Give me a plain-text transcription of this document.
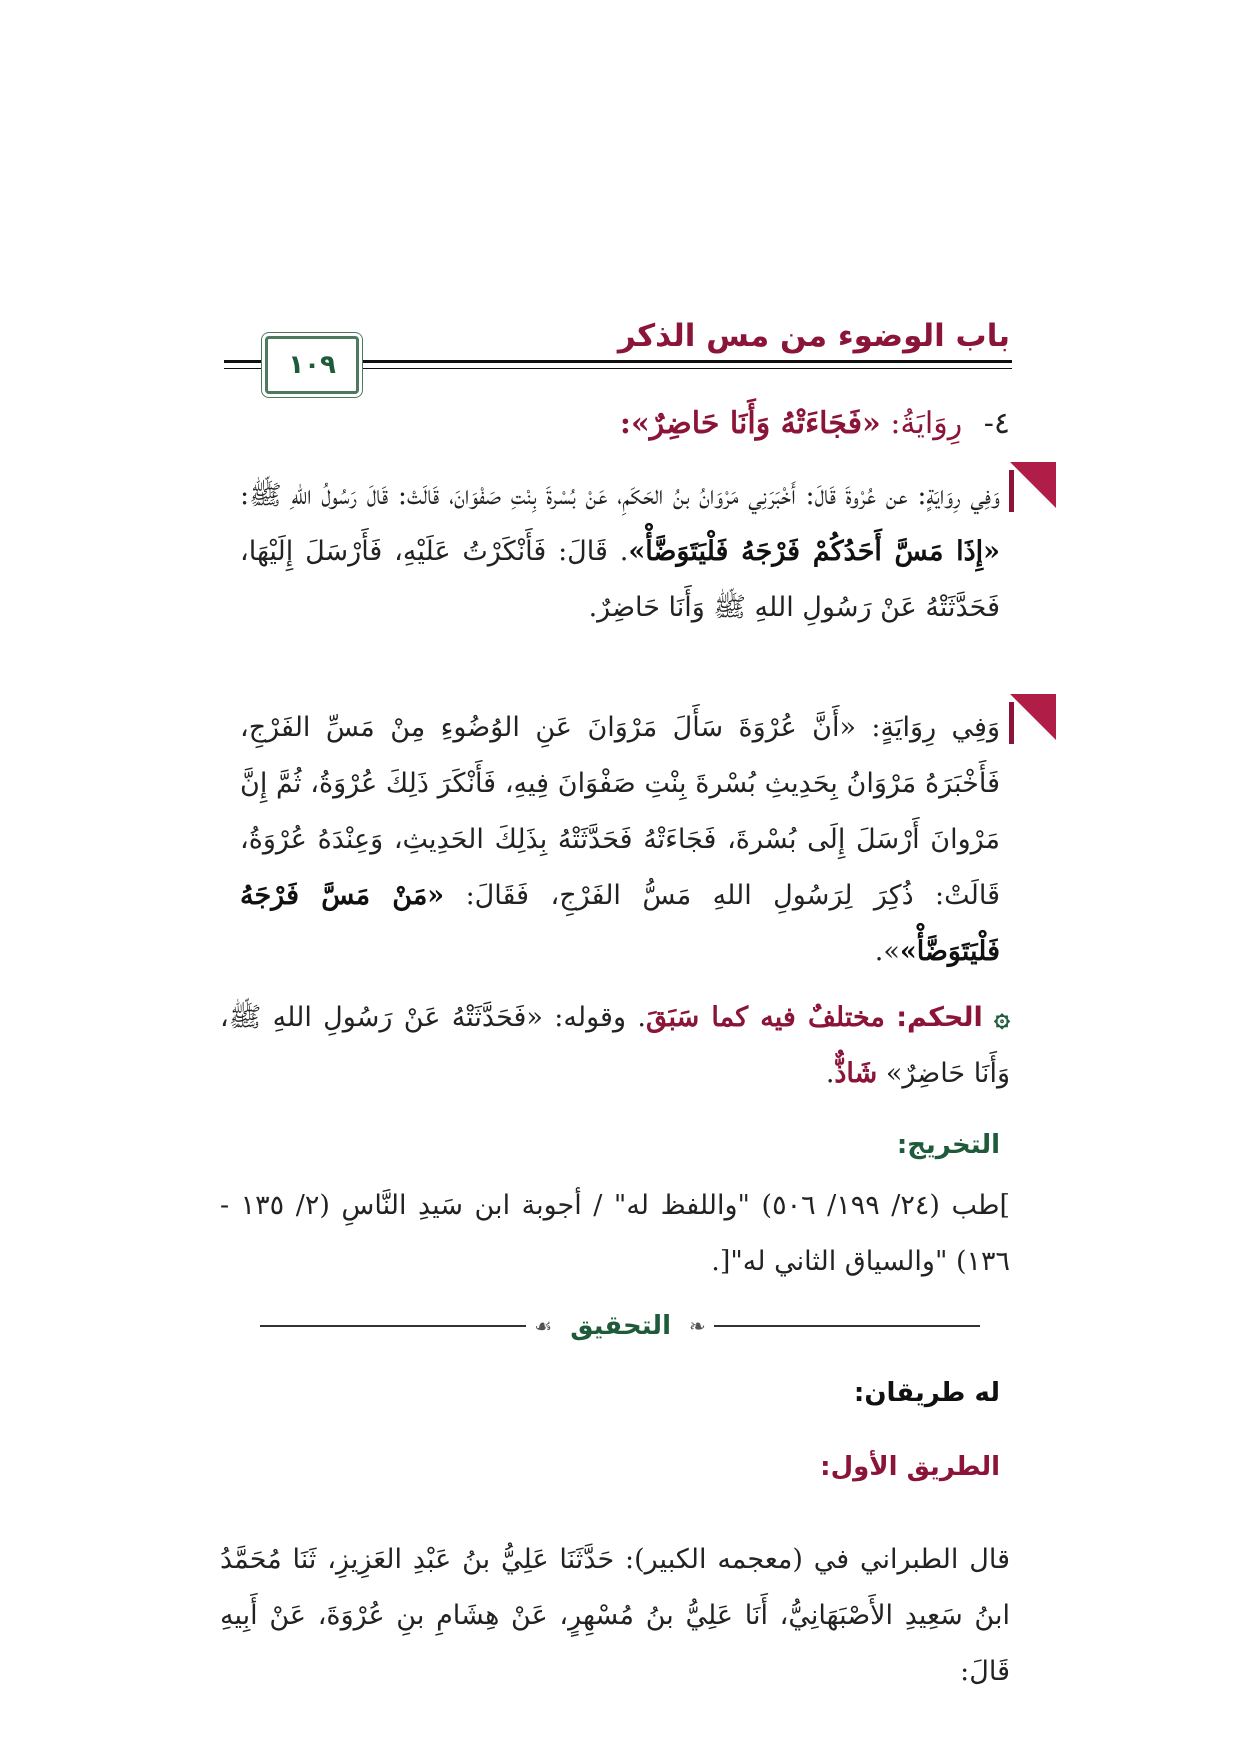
باب الوضوء من مس الذكر
١٠٩
٤- رِوَايَةُ: «فَجَاءَتْهُ وَأَنَا حَاضِرٌ»:
وَفِي رِوَايَةٍ: عن عُرْوةَ قَالَ: أَخْبَرَنِي مَرْوَانُ بنُ الحَكَمِ، عَنْ بُسْرةَ بِنْتِ صَفْوَانَ، قَالَتْ: قَالَ رَسُولُ اللهِ ﷺ: «إِذَا مَسَّ أَحَدُكُمْ فَرْجَهُ فَلْيَتَوَضَّأْ». قَالَ: فَأَنْكَرْتُ عَلَيْهِ، فَأَرْسَلَ إِلَيْهَا، فَحَدَّثَتْهُ عَنْ رَسُولِ اللهِ ﷺ وَأَنَا حَاضِرٌ.
وَفِي رِوَايَةٍ: «أَنَّ عُرْوَةَ سَأَلَ مَرْوَانَ عَنِ الوُضُوءِ مِنْ مَسِّ الفَرْجِ، فَأَخْبَرَهُ مَرْوَانُ بِحَدِيثِ بُسْرةَ بِنْتِ صَفْوَانَ فِيهِ، فَأَنْكَرَ ذَلِكَ عُرْوَةُ، ثُمَّ إِنَّ مَرْوانَ أَرْسَلَ إِلَى بُسْرةَ، فَجَاءَتْهُ فَحَدَّثَتْهُ بِذَلِكَ الحَدِيثِ، وَعِنْدَهُ عُرْوَةُ، قَالَتْ: ذُكِرَ لِرَسُولِ اللهِ مَسُّ الفَرْجِ، فَقَالَ: «مَنْ مَسَّ فَرْجَهُ فَلْيَتَوَضَّأْ»».
۞ الحكم: مختلفٌ فيه كما سَبَقَ. وقوله: «فَحَدَّثَتْهُ عَنْ رَسُولِ اللهِ ﷺ، وَأَنَا حَاضِرٌ» شَاذٌّ.
التخريج:
]طب (٢٤/ ١٩٩/ ٥٠٦) "واللفظ له" / أجوبة ابن سَيدِ النَّاسِ (٢/ ١٣٥ - ١٣٦) "والسياق الثاني له"[.
❧
التحقيق
☙
له طريقان:
الطريق الأول:
قال الطبراني في (معجمه الكبير): حَدَّثَنَا عَلِيُّ بنُ عَبْدِ العَزِيزِ، ثَنَا مُحَمَّدُ ابنُ سَعِيدِ الأَصْبَهَانِيُّ، أَنَا عَلِيُّ بنُ مُسْهِرٍ، عَنْ هِشَامِ بنِ عُرْوَةَ، عَنْ أَبِيهِ قَالَ:
